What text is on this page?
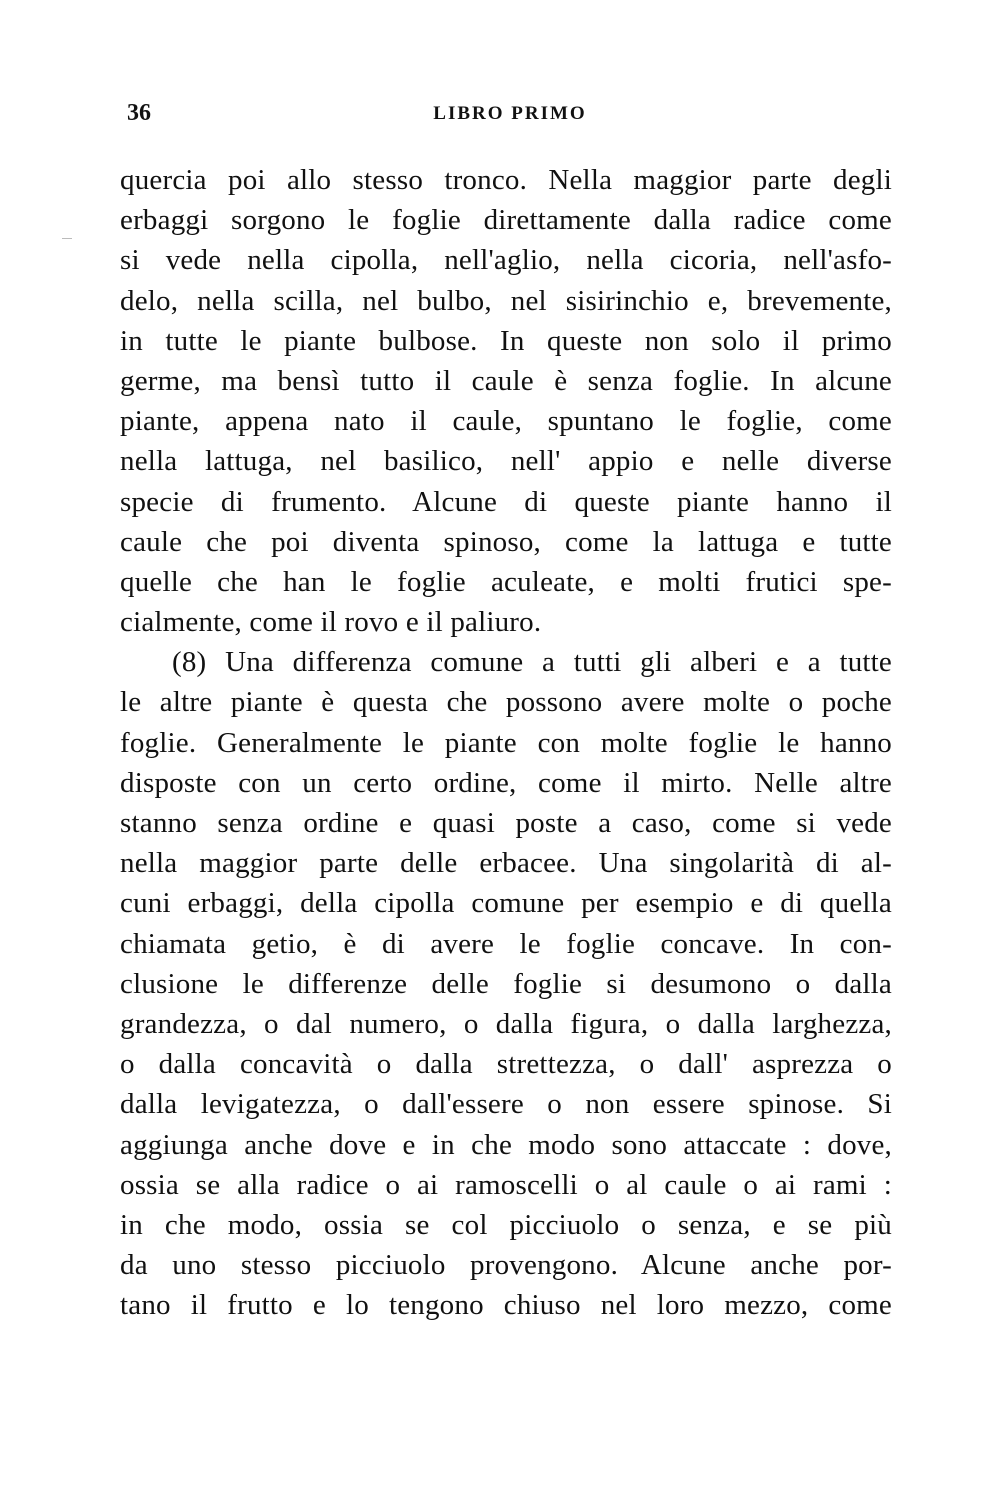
36	LIBRO PRIMO
quercia poi allo stesso tronco. Nella maggior parte degli
erbaggi sorgono le foglie direttamente dalla radice come
si vede nella cipolla, nell'aglio, nella cicoria, nell'asfo-
delo, nella scilla, nel bulbo, nel sisirinchio e, brevemente,
in tutte le piante bulbose. In queste non solo il primo
germe, ma bensì tutto il caule è senza foglie. In alcune
piante, appena nato il caule, spuntano le foglie, come
nella lattuga, nel basilico, nell' appio e nelle diverse
specie di frumento. Alcune di queste piante hanno il
caule che poi diventa spinoso, come la lattuga e tutte
quelle che han le foglie aculeate, e molti frutici spe-
cialmente, come il rovo e il paliuro.
(8) Una differenza comune a tutti gli alberi e a tutte
le altre piante è questa che possono avere molte o poche
foglie. Generalmente le piante con molte foglie le hanno
disposte con un certo ordine, come il mirto. Nelle altre
stanno senza ordine e quasi poste a caso, come si vede
nella maggior parte delle erbacee. Una singolarità di al-
cuni erbaggi, della cipolla comune per esempio e di quella
chiamata getio, è di avere le foglie concave. In con-
clusione le differenze delle foglie si desumono o dalla
grandezza, o dal numero, o dalla figura, o dalla larghezza,
o dalla concavità o dalla strettezza, o dall' asprezza o
dalla levigatezza, o dall'essere o non essere spinose. Si
aggiunga anche dove e in che modo sono attaccate : dove,
ossia se alla radice o ai ramoscelli o al caule o ai rami :
in che modo, ossia se col picciuolo o senza, e se più
da uno stesso picciuolo provengono. Alcune anche por-
tano il frutto e lo tengono chiuso nel loro mezzo, come
